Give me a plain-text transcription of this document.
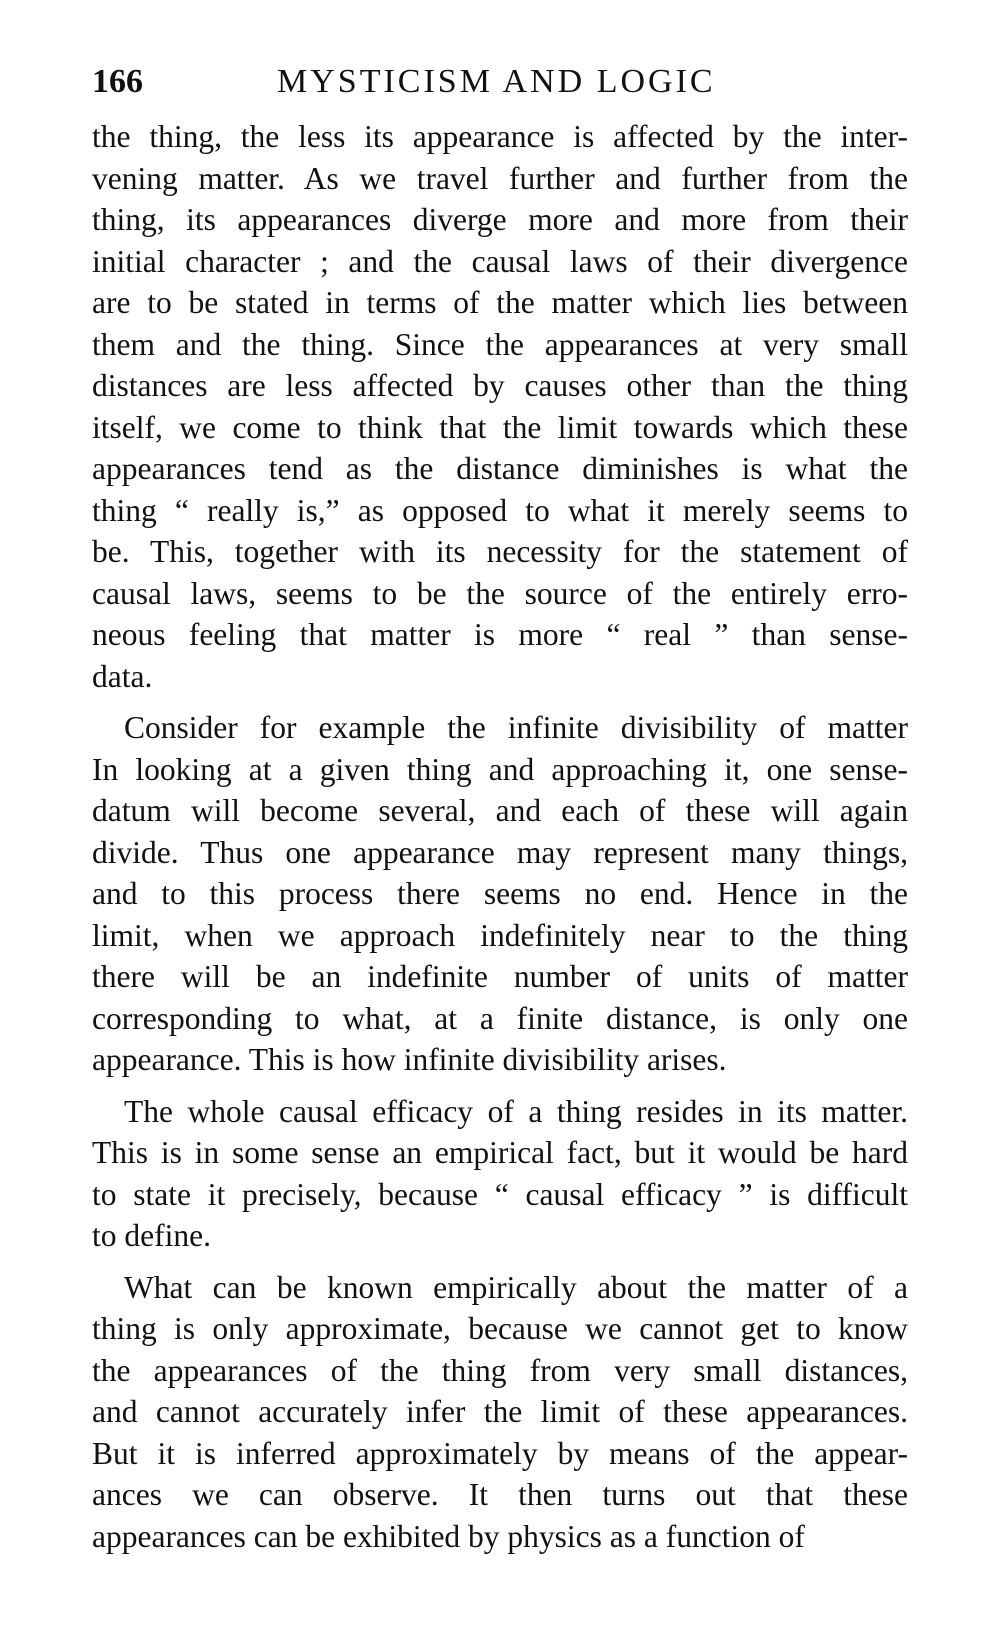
166	MYSTICISM AND LOGIC
the thing, the less its appearance is affected by the inter-
vening matter. As we travel further and further from the
thing, its appearances diverge more and more from their
initial character ; and the causal laws of their divergence
are to be stated in terms of the matter which lies between
them and the thing. Since the appearances at very small
distances are less affected by causes other than the thing
itself, we come to think that the limit towards which these
appearances tend as the distance diminishes is what the
thing “ really is,” as opposed to what it merely seems to
be. This, together with its necessity for the statement of
causal laws, seems to be the source of the entirely erro-
neous feeling that matter is more “ real ” than sense-
data.
Consider for example the infinite divisibility of matter
In looking at a given thing and approaching it, one sense-
datum will become several, and each of these will again
divide. Thus one appearance may represent many things,
and to this process there seems no end. Hence in the
limit, when we approach indefinitely near to the thing
there will be an indefinite number of units of matter
corresponding to what, at a finite distance, is only one
appearance. This is how infinite divisibility arises.
The whole causal efficacy of a thing resides in its matter.
This is in some sense an empirical fact, but it would be hard
to state it precisely, because “ causal efficacy ” is difficult
to define.
What can be known empirically about the matter of a
thing is only approximate, because we cannot get to know
the appearances of the thing from very small distances,
and cannot accurately infer the limit of these appearances.
But it is inferred approximately by means of the appear-
ances we can observe. It then turns out that these
appearances can be exhibited by physics as a function of
